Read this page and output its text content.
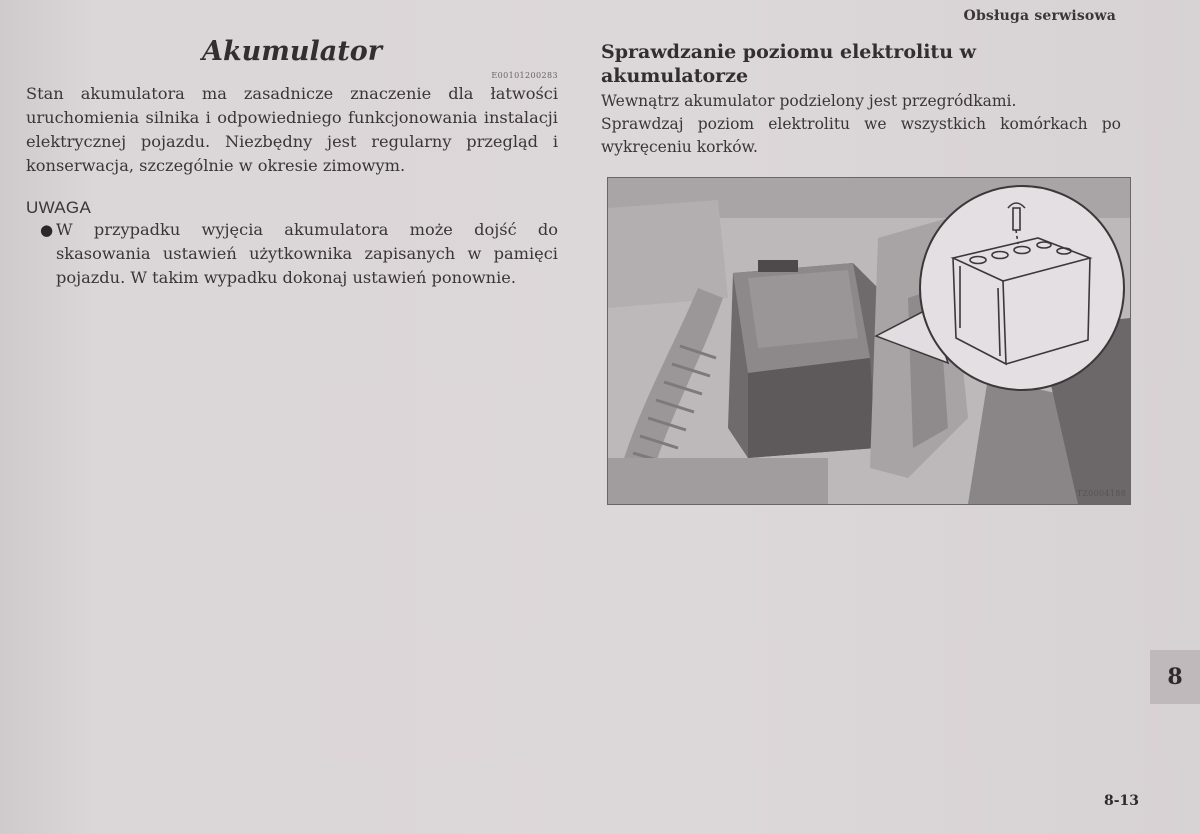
Obsługa serwisowa
Akumulator
E00101200283

Stan akumulatora ma zasadnicze znaczenie dla łatwości uruchomienia silnika i odpowiedniego funkcjonowania instalacji elektrycznej pojazdu. Niezbędny jest regularny przegląd i konserwacja, szczególnie w okresie zimowym.

UWAGA
● W przypadku wyjęcia akumulatora może dojść do skasowania ustawień użytkownika zapisanych w pamięci pojazdu. W takim wypadku dokonaj ustawień ponownie.
Sprawdzanie poziomu elektrolitu w akumulatorze

Wewnątrz akumulator podzielony jest przegródkami.

Sprawdzaj poziom elektrolitu we wszystkich komórkach po wykręceniu korków.

TZ0004188
8
8-13
